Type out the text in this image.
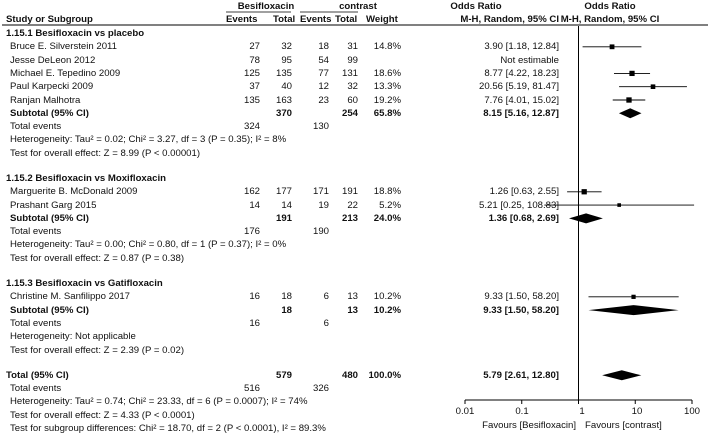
Besifloxacin	contrast	Odds Ratio	Odds Ratio
Study or Subgroup	Events Total Events Total Weight	M-H, Random, 95% CI M-H, Random, 95% CI
1.15.1 Besifloxacin vs placebo
Bruce E. Silverstein 2011	27	32	18	31	14.8%	3.90 [1.18, 12.84]
Jesse DeLeon 2012	78	95	54	99	Not estimable
Michael E. Tepedino 2009	125	135	77	131	18.6%	8.77 [4.22, 18.23]
Paul Karpecki 2009	37	40	12	32	13.3%	20.56 [5.19, 81.47]
Ranjan Malhotra	135	163	23	60	19.2%	7.76 [4.01, 15.02]
Subtotal (95% CI)	370	254	65.8%	8.15 [5.16, 12.87]
Total events	324	130
Heterogeneity: Tau² = 0.02; Chi² = 3.27, df = 3 (P = 0.35); I² = 8%
Test for overall effect: Z = 8.99 (P < 0.00001)
1.15.2 Besifloxacin vs Moxifloxacin
Marguerite B. McDonald 2009	162	177	171	191	18.8%	1.26 [0.63, 2.55]
Prashant Garg 2015	14	14	19	22	5.2%	5.21 [0.25, 108.83]
Subtotal (95% CI)	191	213	24.0%	1.36 [0.68, 2.69]
Total events	176	190
Heterogeneity: Tau² = 0.00; Chi² = 0.80, df = 1 (P = 0.37); I² = 0%
Test for overall effect: Z = 0.87 (P = 0.38)
1.15.3 Besifloxacin vs Gatifloxacin
Christine M. Sanfilippo 2017	16	18	6	13	10.2%	9.33 [1.50, 58.20]
Subtotal (95% CI)	18	13	10.2%	9.33 [1.50, 58.20]
Total events	16	6
Heterogeneity: Not applicable
Test for overall effect: Z = 2.39 (P = 0.02)
Total (95% CI)	579	480	100.0%	5.79 [2.61, 12.80]
Total events	516	326
Heterogeneity: Tau² = 0.74; Chi² = 23.33, df = 6 (P = 0.0007); I² = 74%
Test for overall effect: Z = 4.33 (P < 0.0001)
Test for subgroup differences: Chi² = 18.70, df = 2 (P < 0.0001), I² = 89.3%
0.01	0.1	1	10	100
Favours [Besifloxacin] Favours [contrast]
